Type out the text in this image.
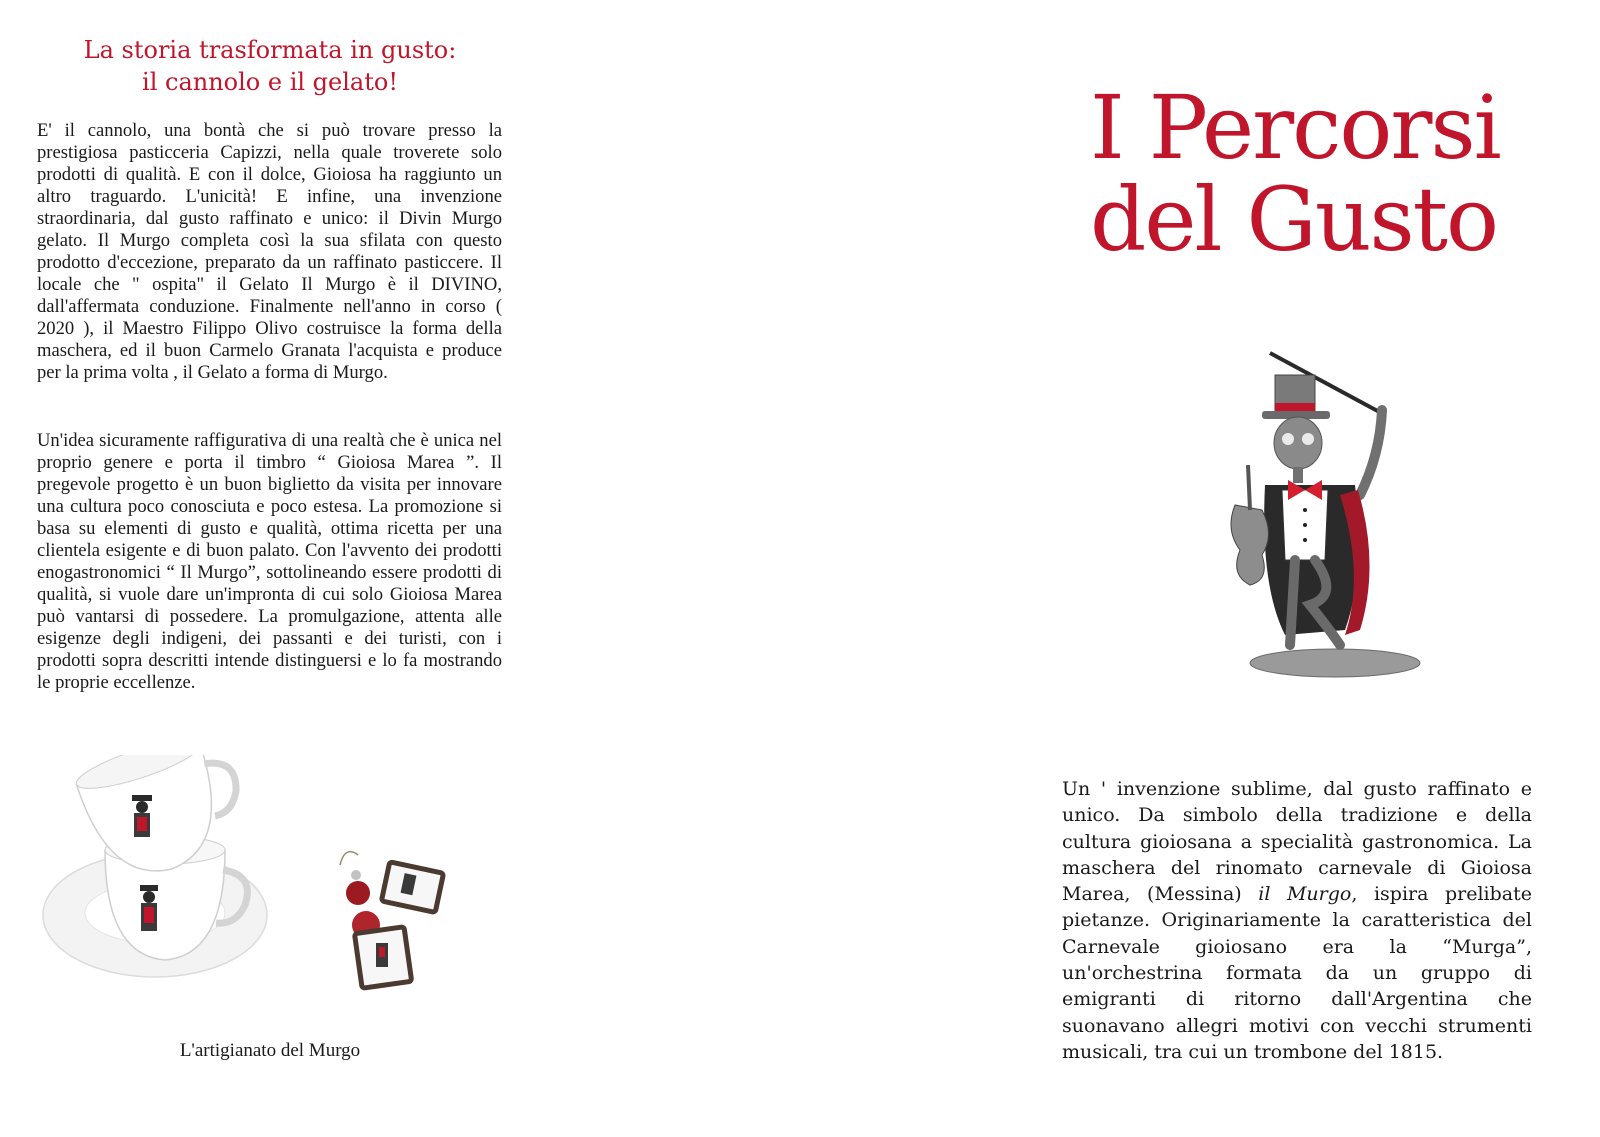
La storia trasformata in gusto:
il cannolo e il gelato!

E' il cannolo, una bontà che si può trovare presso la prestigiosa pasticceria Capizzi, nella quale troverete solo prodotti di qualità. E con il dolce, Gioiosa ha raggiunto un altro traguardo. L'unicità! E infine, una invenzione straordinaria, dal gusto raffinato e unico: il Divin Murgo gelato. Il Murgo completa così la sua sfilata con questo prodotto d'eccezione, preparato da un raffinato pasticcere. Il locale che " ospita" il Gelato Il Murgo è il DIVINO, dall'affermata conduzione. Finalmente nell'anno in corso ( 2020 ), il Maestro Filippo Olivo costruisce la forma della maschera, ed il buon Carmelo Granata l'acquista e produce per la prima volta , il Gelato a forma di Murgo.

Un'idea sicuramente raffigurativa di una realtà che è unica nel proprio genere e porta il timbro “ Gioiosa Marea ”. Il pregevole progetto è un buon biglietto da visita per innovare una cultura poco conosciuta e poco estesa. La promozione si basa su elementi di gusto e qualità, ottima ricetta per una clientela esigente e di buon palato. Con l'avvento dei prodotti enogastronomici “ Il Murgo”, sottolineando essere prodotti di qualità, si vuole dare un'impronta di cui solo Gioiosa Marea può vantarsi di possedere. La promulgazione, attenta alle esigenze degli indigeni, dei passanti e dei turisti, con i prodotti sopra descritti intende distinguersi e lo fa mostrando le proprie eccellenze.

L'artigianato del Murgo
I Percorsi
del Gusto

Un ' invenzione sublime, dal gusto raffinato e unico. Da simbolo della tradizione e della cultura gioiosana a specialità gastronomica. La maschera del rinomato carnevale di Gioiosa Marea, (Messina) il Murgo, ispira prelibate pietanze. Originariamente la caratteristica del Carnevale gioiosano era la “Murga”, un'orchestrina formata da un gruppo di emigranti di ritorno dall'Argentina che suonavano allegri motivi con vecchi strumenti musicali, tra cui un trombone del 1815.
